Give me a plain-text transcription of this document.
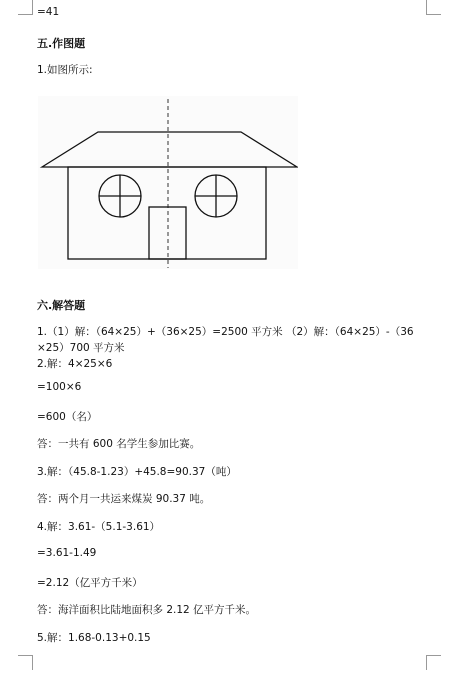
=41
五.作图题
1.如图所示:
六.解答题
1.（1）解：（64×25）+（36×25）=2500 平方米 （2）解：（64×25）-（36
×25）700 平方米
2.解：4×25×6
=100×6
=600（名）
答：一共有 600 名学生参加比赛。
3.解：（45.8-1.23）+45.8=90.37（吨）
答：两个月一共运来煤炭 90.37 吨。
4.解：3.61-（5.1-3.61）
=3.61-1.49
=2.12（亿平方千米）
答：海洋面积比陆地面积多 2.12 亿平方千米。
5.解：1.68-0.13+0.15
